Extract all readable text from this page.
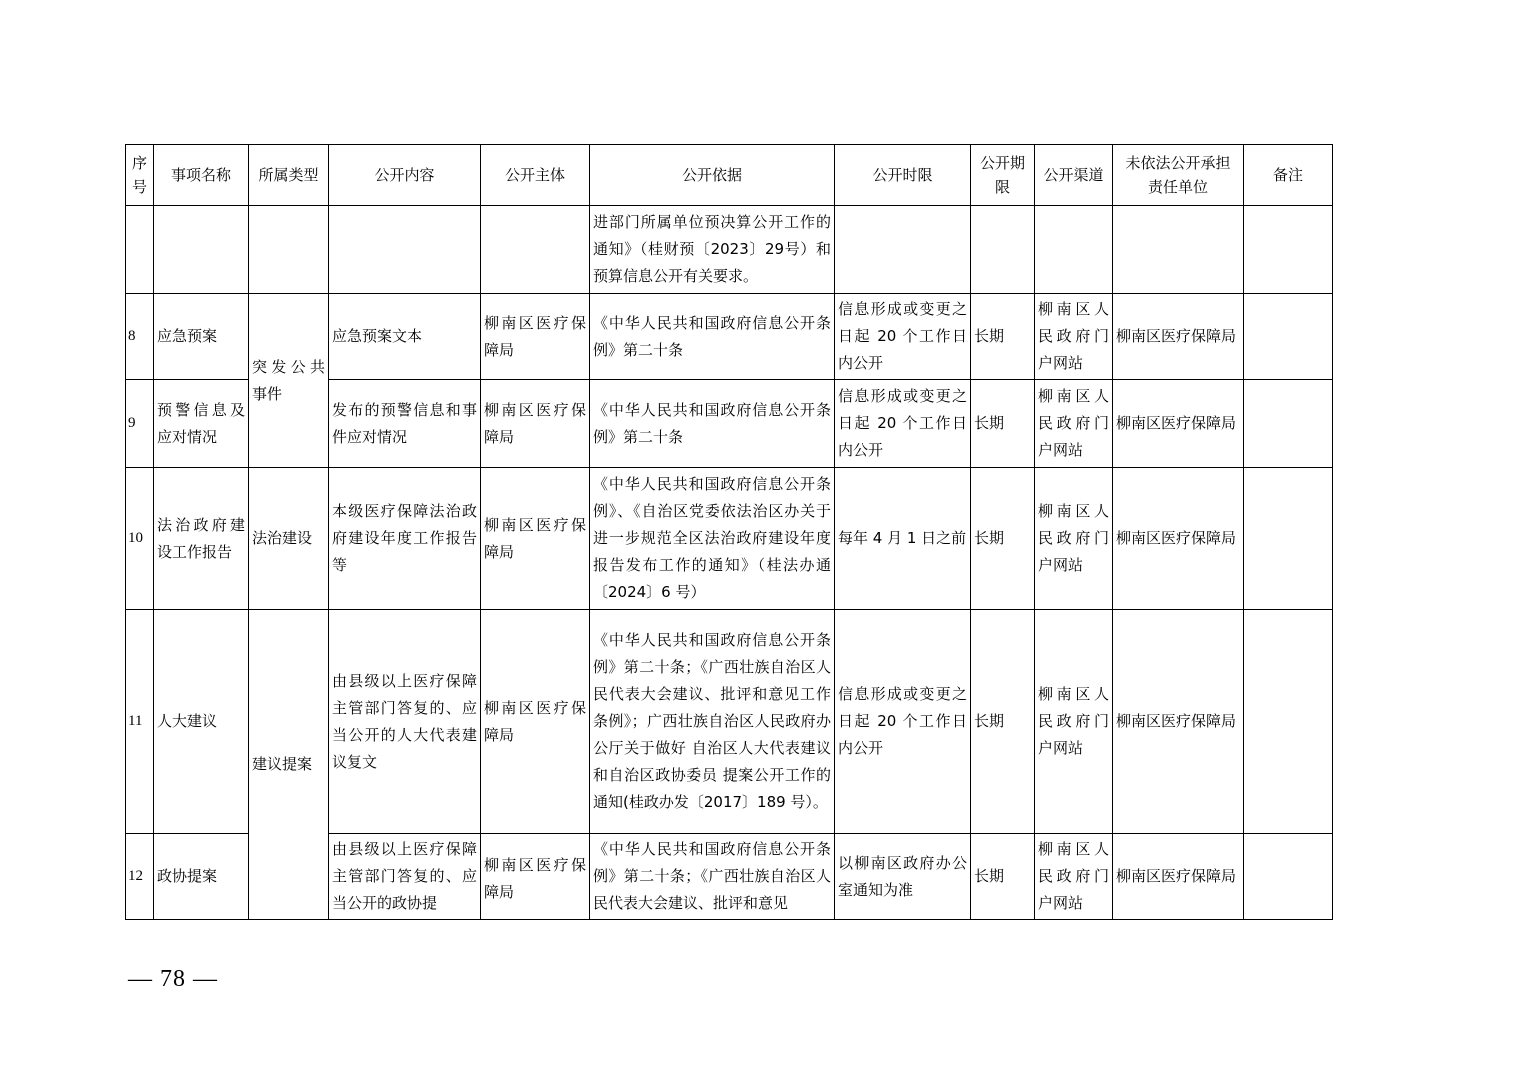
序号	事项名称	所属类型	公开内容	公开主体	公开依据	公开时限	公开期限	公开渠道	未依法公开承担责任单位	备注
					进部门所属单位预决算公开工作的通知》（桂财预〔2023〕29号）和预算信息公开有关要求。					
8	应急预案	突发公共事件	应急预案文本	柳南区医疗保障局	《中华人民共和国政府信息公开条例》第二十条	信息形成或变更之日起 20 个工作日内公开	长期	柳南区人民政府门户网站	柳南区医疗保障局	
9	预警信息及应对情况		发布的预警信息和事件应对情况	柳南区医疗保障局	《中华人民共和国政府信息公开条例》第二十条	信息形成或变更之日起 20 个工作日内公开	长期	柳南区人民政府门户网站	柳南区医疗保障局	
10	法治政府建设工作报告	法治建设	本级医疗保障法治政府建设年度工作报告等	柳南区医疗保障局	《中华人民共和国政府信息公开条例》、《自治区党委依法治区办关于进一步规范全区法治政府建设年度报告发布工作的通知》（桂法办通〔2024〕6 号）	每年 4 月 1 日之前	长期	柳南区人民政府门户网站	柳南区医疗保障局	
11	人大建议	建议提案	由县级以上医疗保障主管部门答复的、应当公开的人大代表建议复文	柳南区医疗保障局	《中华人民共和国政府信息公开条例》第二十条；《广西壮族自治区人民代表大会建议、批评和意见工作条例》；广西壮族自治区人民政府办公厅关于做好 自治区人大代表建议和自治区政协委员 提案公开工作的通知(桂政办发〔2017〕189 号）。	信息形成或变更之日起 20 个工作日内公开	长期	柳南区人民政府门户网站	柳南区医疗保障局	
12	政协提案		由县级以上医疗保障主管部门答复的、应当公开的政协提	柳南区医疗保障局	《中华人民共和国政府信息公开条例》第二十条；《广西壮族自治区人民代表大会建议、批评和意见	以柳南区政府办公室通知为准	长期	柳南区人民政府门户网站	柳南区医疗保障局	
— 78 —
